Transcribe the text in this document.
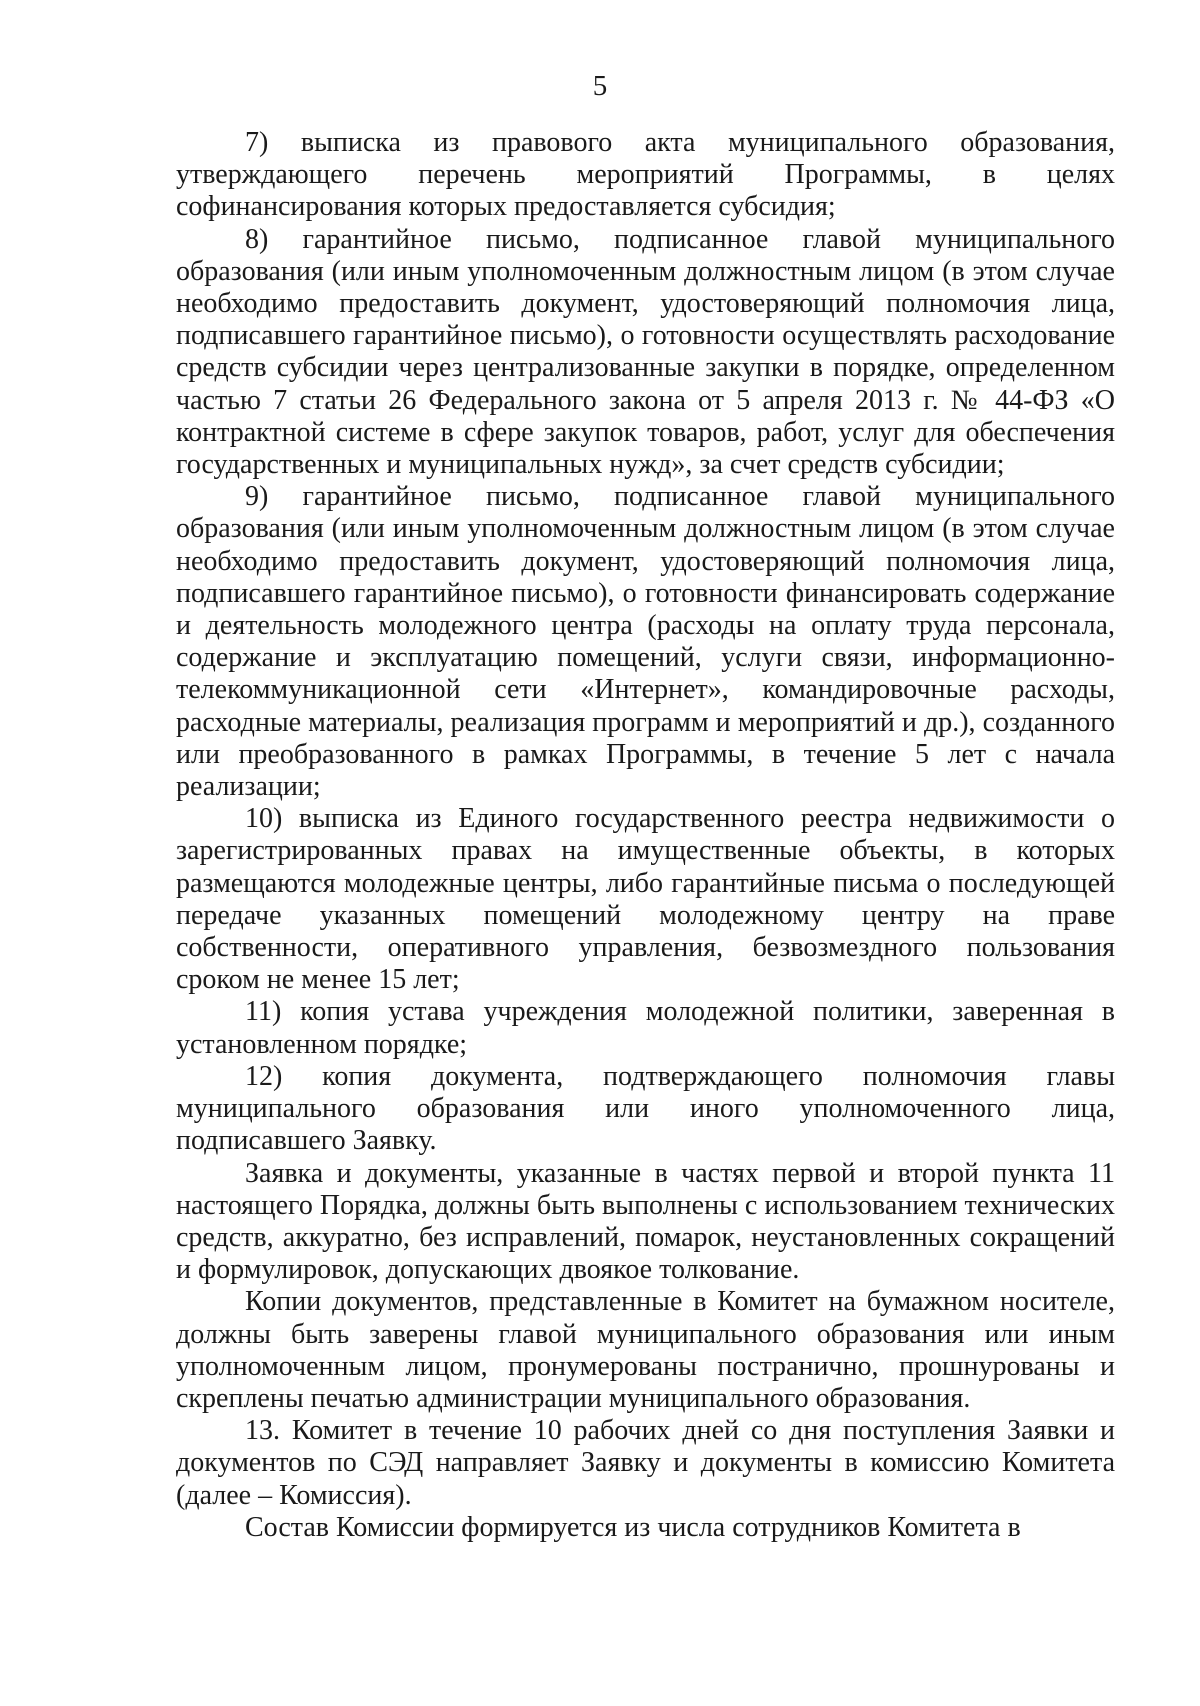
5

7) выписка из правового акта муниципального образования, утверждающего перечень мероприятий Программы, в целях софинансирования которых предоставляется субсидия;

8) гарантийное письмо, подписанное главой муниципального образования (или иным уполномоченным должностным лицом (в этом случае необходимо предоставить документ, удостоверяющий полномочия лица, подписавшего гарантийное письмо), о готовности осуществлять расходование средств субсидии через централизованные закупки в порядке, определенном частью 7 статьи 26 Федерального закона от 5 апреля 2013 г. № 44-ФЗ «О контрактной системе в сфере закупок товаров, работ, услуг для обеспечения государственных и муниципальных нужд», за счет средств субсидии;

9) гарантийное письмо, подписанное главой муниципального образования (или иным уполномоченным должностным лицом (в этом случае необходимо предоставить документ, удостоверяющий полномочия лица, подписавшего гарантийное письмо), о готовности финансировать содержание и деятельность молодежного центра (расходы на оплату труда персонала, содержание и эксплуатацию помещений, услуги связи, информационно-телекоммуникационной сети «Интернет», командировочные расходы, расходные материалы, реализация программ и мероприятий и др.), созданного или преобразованного в рамках Программы, в течение 5 лет с начала реализации;

10) выписка из Единого государственного реестра недвижимости о зарегистрированных правах на имущественные объекты, в которых размещаются молодежные центры, либо гарантийные письма о последующей передаче указанных помещений молодежному центру на праве собственности, оперативного управления, безвозмездного пользования сроком не менее 15 лет;

11) копия устава учреждения молодежной политики, заверенная в установленном порядке;

12) копия документа, подтверждающего полномочия главы муниципального образования или иного уполномоченного лица, подписавшего Заявку.

Заявка и документы, указанные в частях первой и второй пункта 11 настоящего Порядка, должны быть выполнены с использованием технических средств, аккуратно, без исправлений, помарок, неустановленных сокращений и формулировок, допускающих двоякое толкование.

Копии документов, представленные в Комитет на бумажном носителе, должны быть заверены главой муниципального образования или иным уполномоченным лицом, пронумерованы постранично, прошнурованы и скреплены печатью администрации муниципального образования.

13. Комитет в течение 10 рабочих дней со дня поступления Заявки и документов по СЭД направляет Заявку и документы в комиссию Комитета (далее – Комиссия).

Состав Комиссии формируется из числа сотрудников Комитета в
